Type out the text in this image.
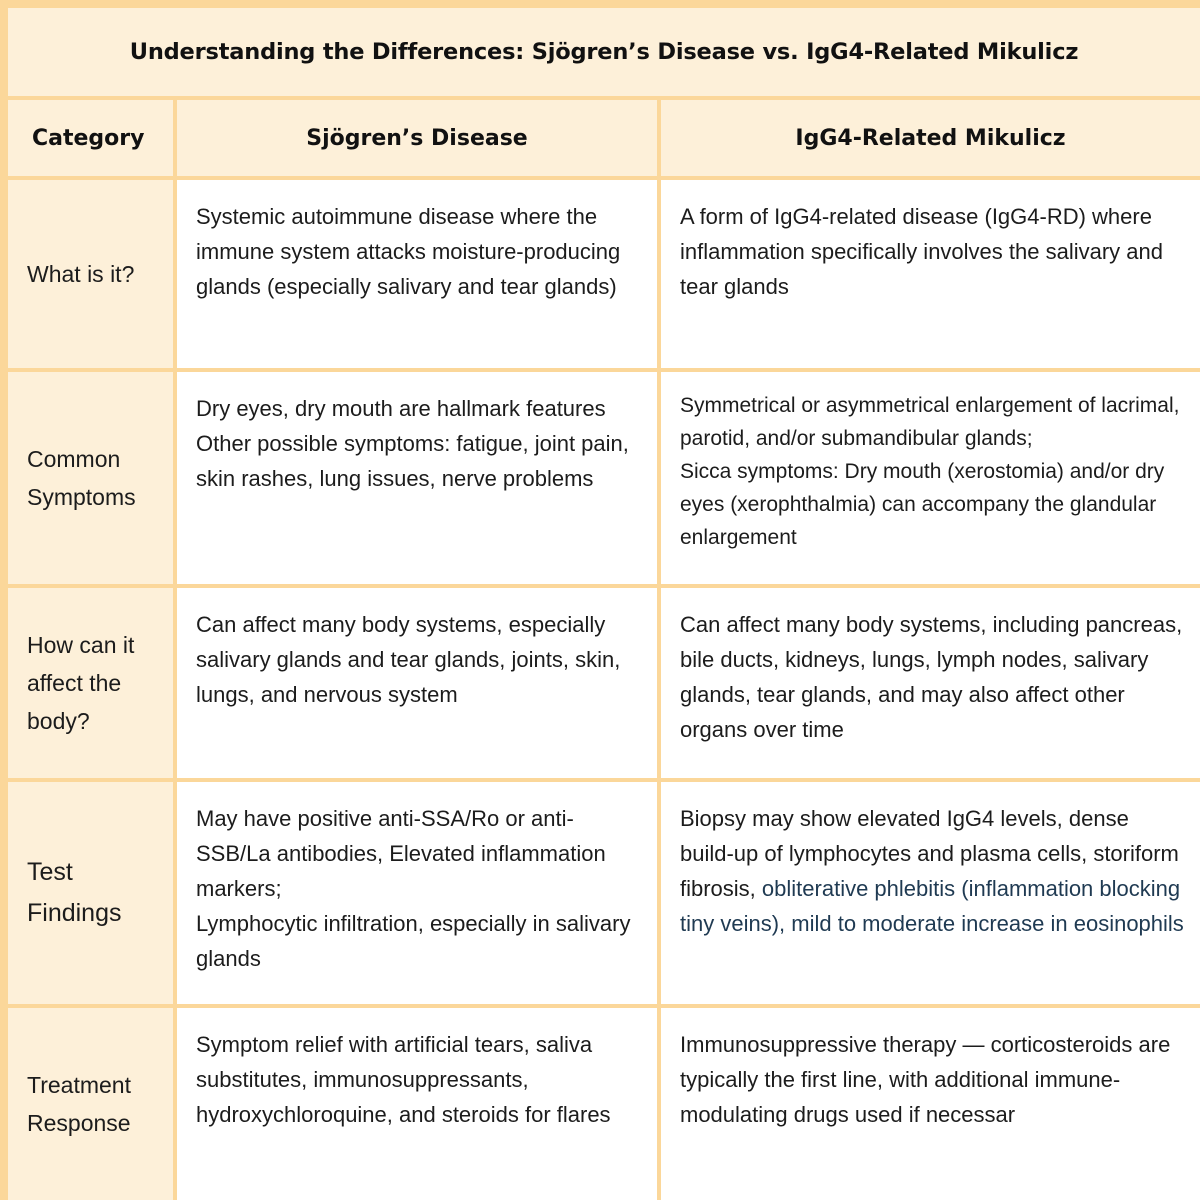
Understanding the Differences: Sjögren’s Disease vs. IgG4-Related Mikulicz
Category	Sjögren’s Disease	IgG4-Related Mikulicz
What is it?
Systemic autoimmune disease where the immune system attacks moisture-producing glands (especially salivary and tear glands)
A form of IgG4-related disease (IgG4-RD) where inflammation specifically involves the salivary and tear glands
Common Symptoms
Dry eyes, dry mouth are hallmark features
Other possible symptoms: fatigue, joint pain, skin rashes, lung issues, nerve problems
Symmetrical or asymmetrical enlargement of lacrimal, parotid, and/or submandibular glands;
Sicca symptoms: Dry mouth (xerostomia) and/or dry eyes (xerophthalmia) can accompany the glandular enlargement
How can it affect the body?
Can affect many body systems, especially salivary glands and tear glands, joints, skin, lungs, and nervous system
Can affect many body systems, including pancreas, bile ducts, kidneys, lungs, lymph nodes, salivary glands, tear glands, and may also affect other organs over time
Test Findings
May have positive anti-SSA/Ro or anti-SSB/La antibodies, Elevated inflammation markers;
Lymphocytic infiltration, especially in salivary glands
Biopsy may show elevated IgG4 levels, dense build-up of lymphocytes and plasma cells, storiform fibrosis, obliterative phlebitis (inflammation blocking tiny veins), mild to moderate increase in eosinophils
Treatment Response
Symptom relief with artificial tears, saliva substitutes, immunosuppressants, hydroxychloroquine, and steroids for flares
Immunosuppressive therapy — corticosteroids are typically the first line, with additional immune-modulating drugs used if necessar
